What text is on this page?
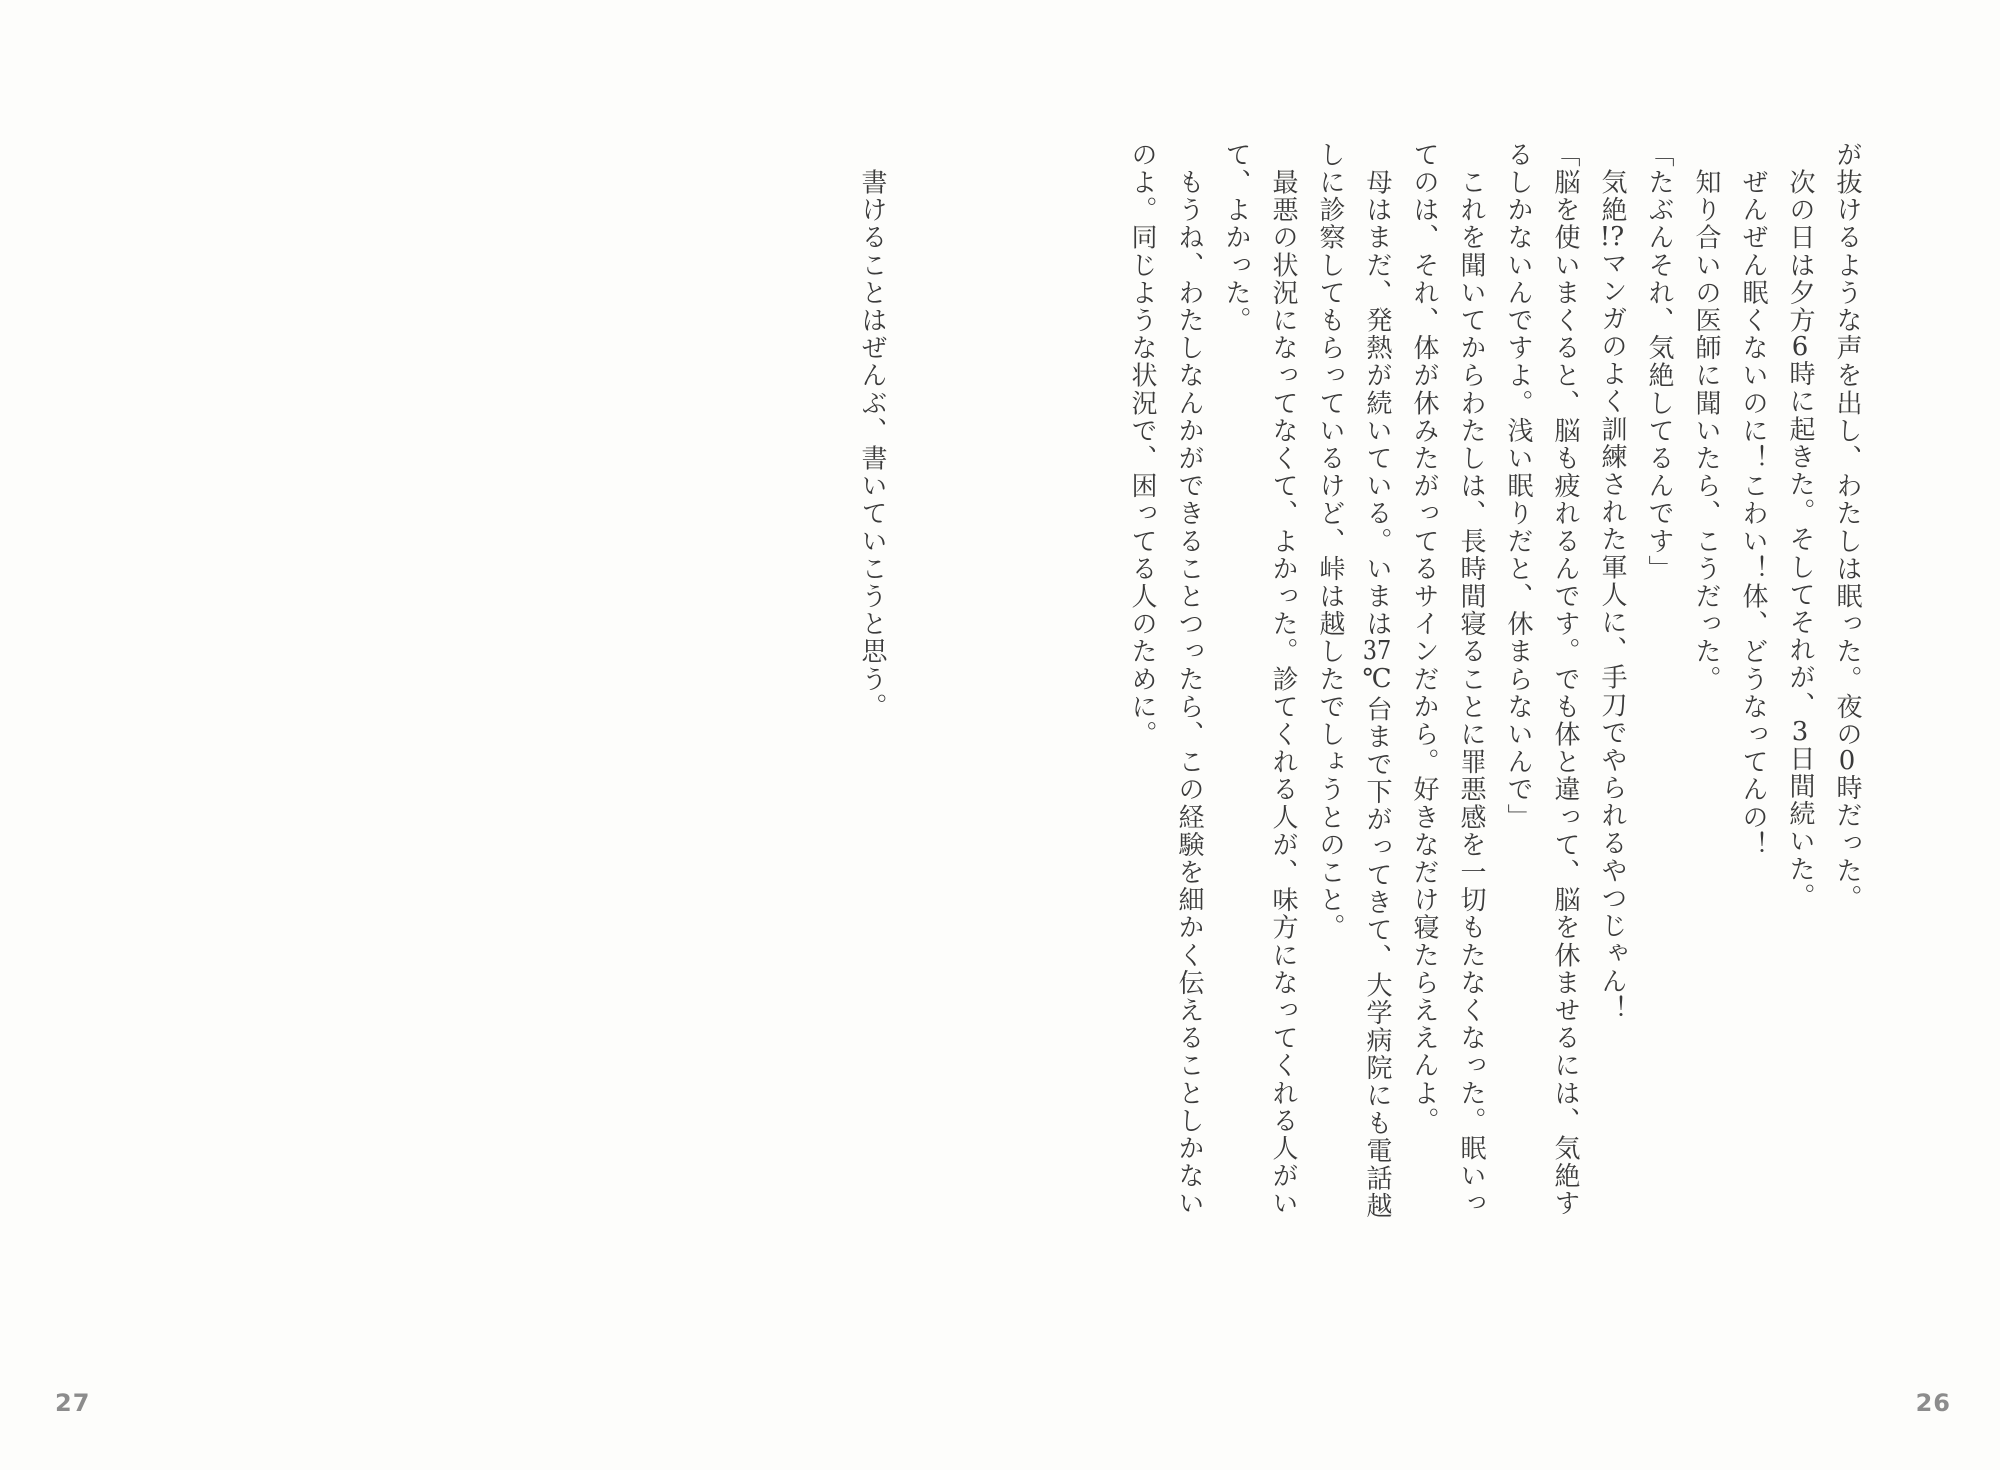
　書けることはぜんぶ、書いていこうと思う。
27
が抜けるような声を出し、わたしは眠った。夜の0時だった。
　次の日は夕方6時に起きた。そしてそれが、3日間続いた。
　ぜんぜん眠くないのに！こわい！体、どうなってんの！
　知り合いの医師に聞いたら、こうだった。
「たぶんそれ、気絶してるんです」
　気絶!?マンガのよく訓練された軍人に、手刀でやられるやつじゃん！
「脳を使いまくると、脳も疲れるんです。でも体と違って、脳を休ませるには、気絶す
るしかないんですよ。浅い眠りだと、休まらないんで」
　これを聞いてからわたしは、長時間寝ることに罪悪感を一切もたなくなった。眠いっ
てのは、それ、体が休みたがってるサインだから。好きなだけ寝たらええんよ。
　母はまだ、発熱が続いている。いまは37℃台まで下がってきて、大学病院にも電話越
しに診察してもらっているけど、峠は越したでしょうとのこと。
　最悪の状況になってなくて、よかった。診てくれる人が、味方になってくれる人がい
て、よかった。
　もうね、わたしなんかができることつったら、この経験を細かく伝えることしかない
のよ。同じような状況で、困ってる人のために。
26
